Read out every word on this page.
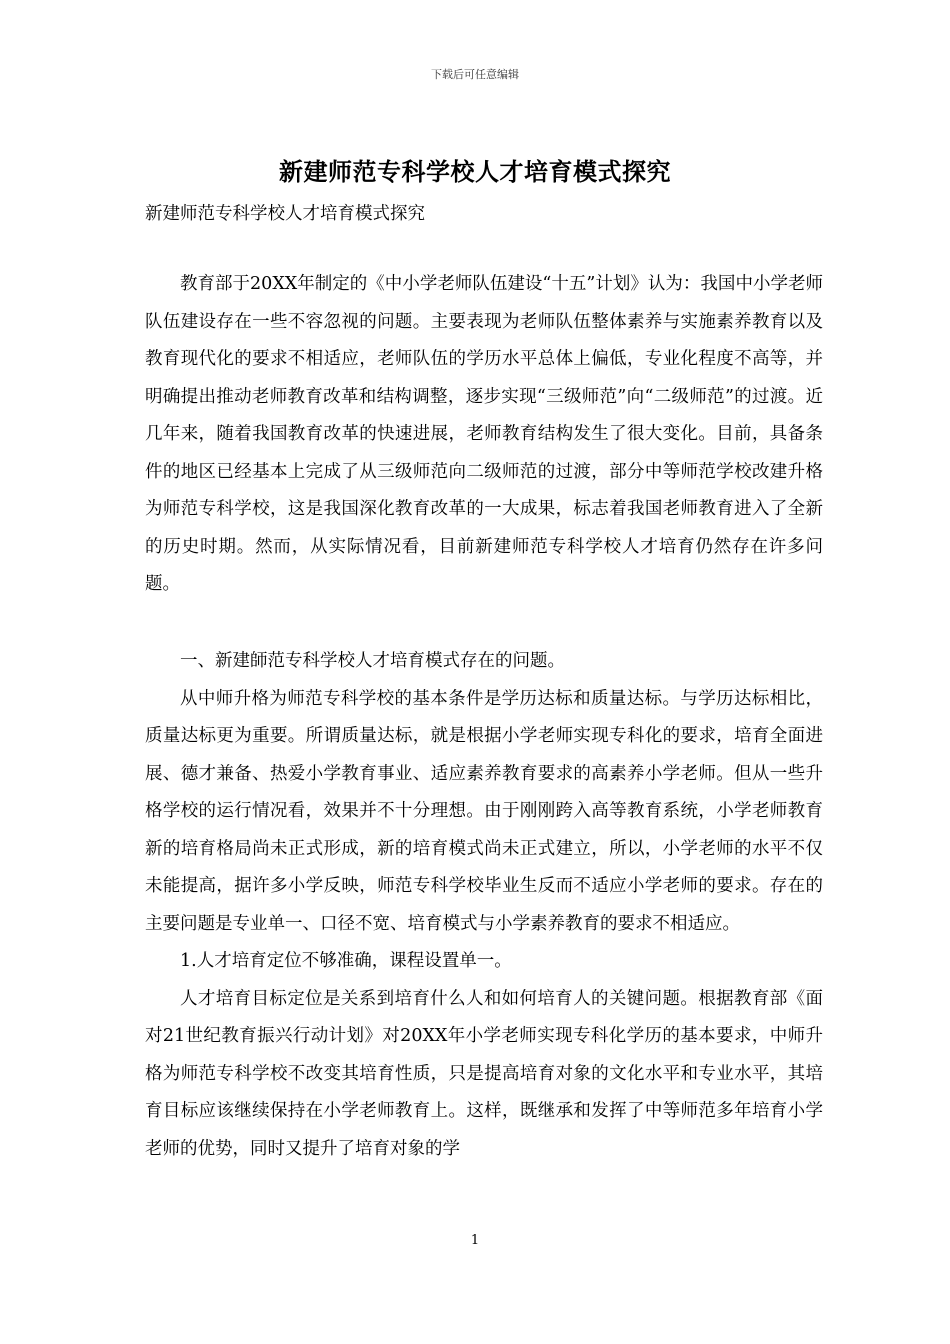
下载后可任意编辑
新建师范专科学校人才培育模式探究
新建师范专科学校人才培育模式探究

教育部于20XX年制定的《中小学老师队伍建设“十五”计划》认为：我国中小学老师队伍建设存在一些不容忽视的问题。主要表现为老师队伍整体素养与实施素养教育以及教育现代化的要求不相适应，老师队伍的学历水平总体上偏低，专业化程度不高等，并明确提出推动老师教育改革和结构调整，逐步实现“三级师范”向“二级师范”的过渡。近几年来，随着我国教育改革的快速进展，老师教育结构发生了很大变化。目前，具备条件的地区已经基本上完成了从三级师范向二级师范的过渡，部分中等师范学校改建升格为师范专科学校，这是我国深化教育改革的一大成果，标志着我国老师教育进入了全新的历史时期。然而，从实际情况看，目前新建师范专科学校人才培育仍然存在许多问题。

一、新建師范专科学校人才培育模式存在的问题。

从中师升格为师范专科学校的基本条件是学历达标和质量达标。与学历达标相比，质量达标更为重要。所谓质量达标，就是根据小学老师实现专科化的要求，培育全面进展、德才兼备、热爱小学教育事业、适应素养教育要求的高素养小学老师。但从一些升格学校的运行情况看，效果并不十分理想。由于刚刚跨入高等教育系统，小学老师教育新的培育格局尚未正式形成，新的培育模式尚未正式建立，所以，小学老师的水平不仅未能提高，据许多小学反映，师范专科学校毕业生反而不适应小学老师的要求。存在的主要问题是专业单一、口径不宽、培育模式与小学素养教育的要求不相适应。

1.人才培育定位不够准确，课程设置单一。

人才培育目标定位是关系到培育什么人和如何培育人的关键问题。根据教育部《面对21世纪教育振兴行动计划》对20XX年小学老师实现专科化学历的基本要求，中师升格为师范专科学校不改变其培育性质，只是提高培育对象的文化水平和专业水平，其培育目标应该继续保持在小学老师教育上。这样，既继承和发挥了中等师范多年培育小学老师的优势，同时又提升了培育对象的学

1
